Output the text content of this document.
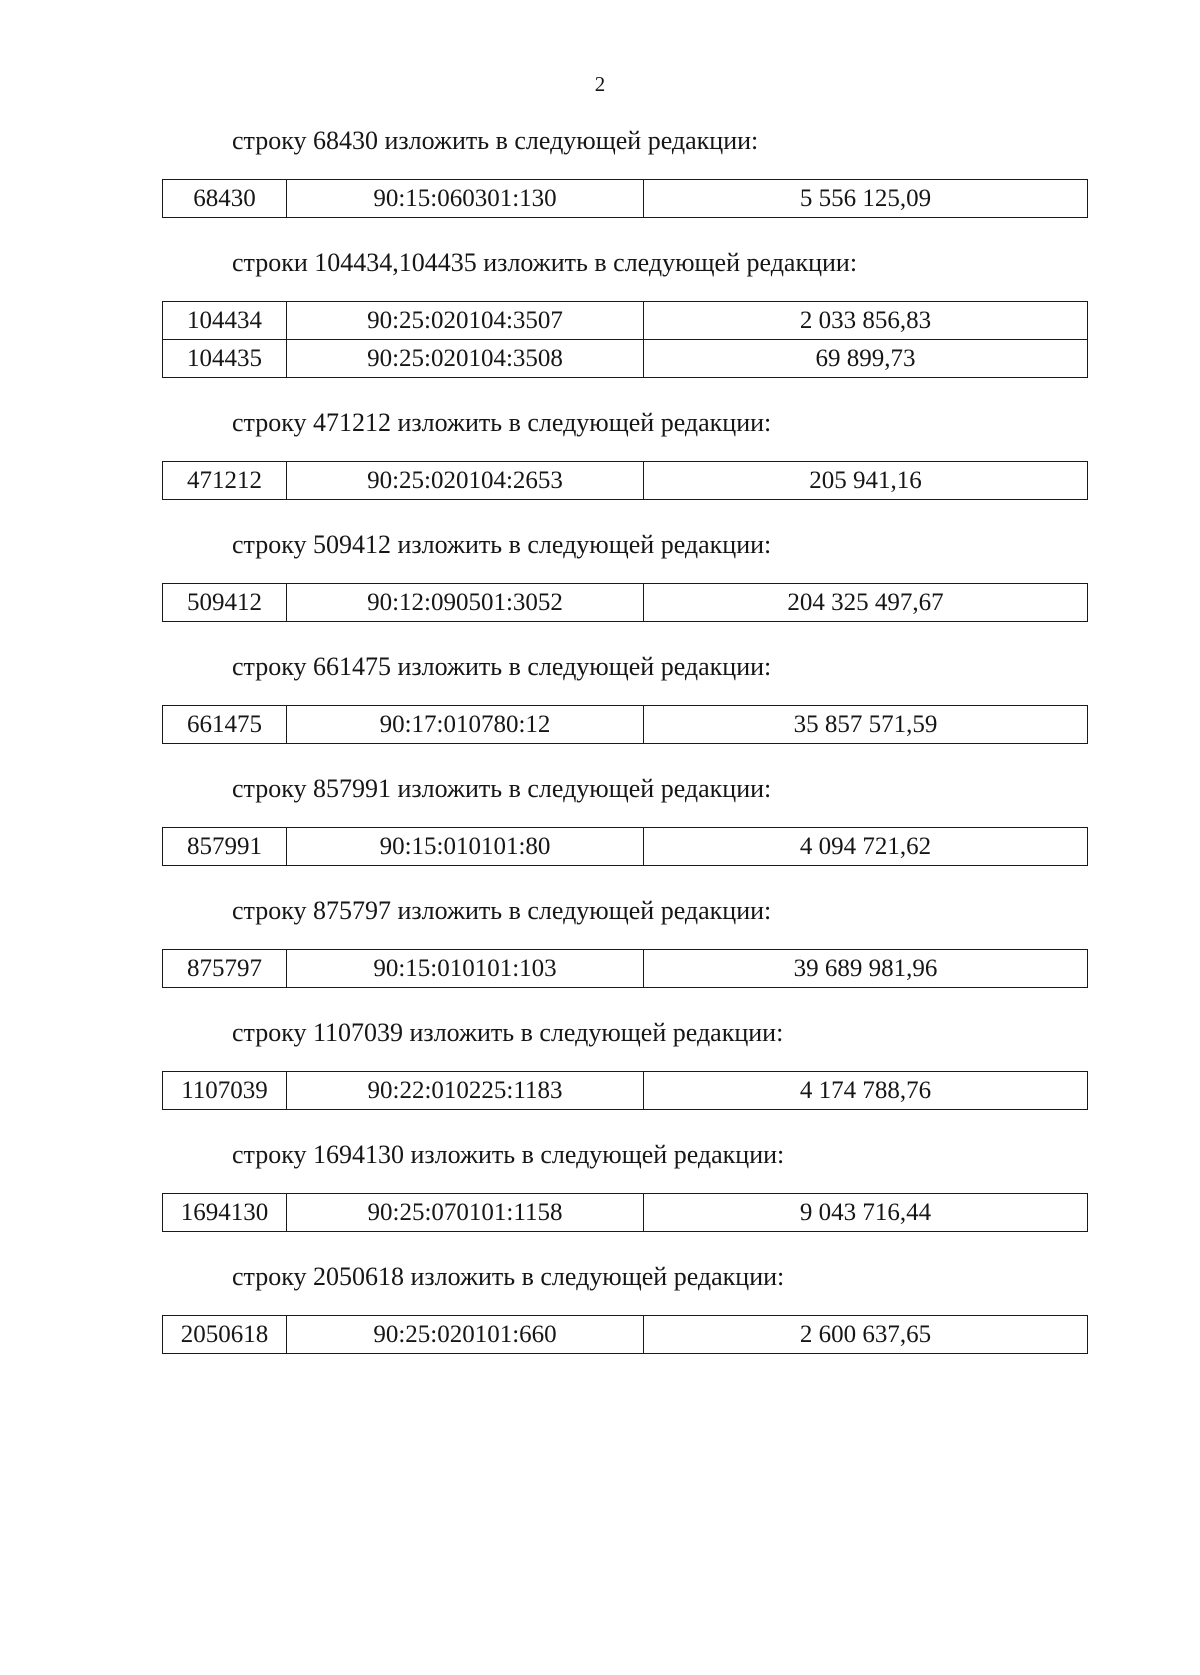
2

строку 68430 изложить в следующей редакции:

68430	90:15:060301:130	5 556 125,09

строки 104434,104435 изложить в следующей редакции:

104434	90:25:020104:3507	2 033 856,83
104435	90:25:020104:3508	69 899,73

строку 471212 изложить в следующей редакции:

471212	90:25:020104:2653	205 941,16

строку 509412 изложить в следующей редакции:

509412	90:12:090501:3052	204 325 497,67

строку 661475 изложить в следующей редакции:

661475	90:17:010780:12	35 857 571,59

строку 857991 изложить в следующей редакции:

857991	90:15:010101:80	4 094 721,62

строку 875797 изложить в следующей редакции:

875797	90:15:010101:103	39 689 981,96

строку 1107039 изложить в следующей редакции:

1107039	90:22:010225:1183	4 174 788,76

строку 1694130 изложить в следующей редакции:

1694130	90:25:070101:1158	9 043 716,44

строку 2050618 изложить в следующей редакции:

2050618	90:25:020101:660	2 600 637,65
